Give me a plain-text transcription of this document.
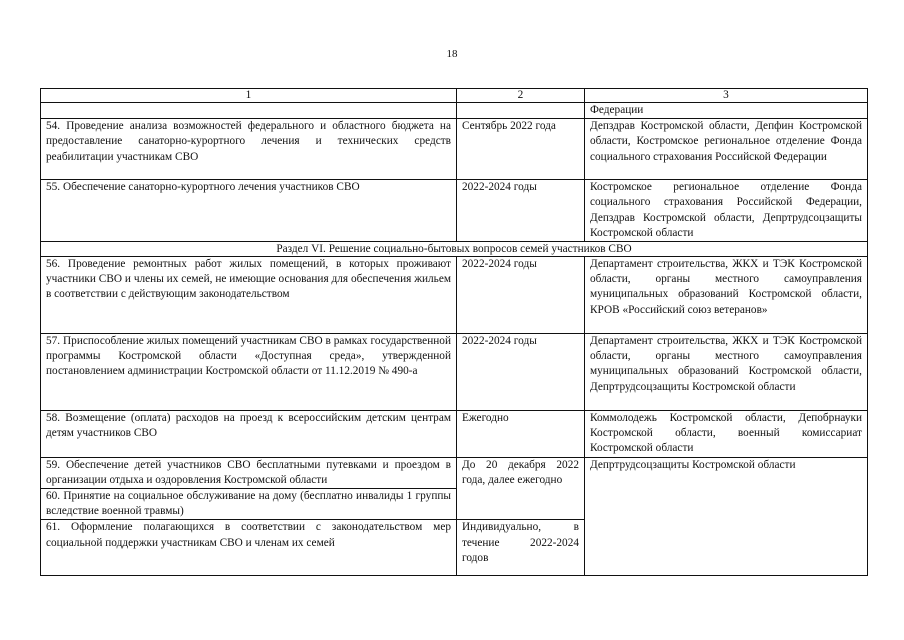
18
1	2	3
		Федерации
54. Проведение анализа возможностей федерального и областного бюджета на предоставление санаторно-курортного лечения и технических средств реабилитации участникам СВО	Сентябрь 2022 года	Депздрав Костромской области, Депфин Костромской области, Костромское региональное отделение Фонда социального страхования Российской Федерации
55. Обеспечение санаторно-курортного лечения участников СВО	2022-2024 годы	Костромское региональное отделение Фонда социального страхования Российской Федерации, Депздрав Костромской области, Депртрудсоцзащиты Костромской области
Раздел VI. Решение социально-бытовых вопросов семей участников СВО		
56. Проведение ремонтных работ жилых помещений, в которых проживают участники СВО и члены их семей, не имеющие основания для обеспечения жильем в соответствии с действующим законодательством	2022-2024 годы	Департамент строительства, ЖКХ и ТЭК Костромской области, органы местного самоуправления муниципальных образований Костромской области, КРОВ «Российский союз ветеранов»
57. Приспособление жилых помещений участникам СВО в рамках государственной программы Костромской области «Доступная среда», утвержденной постановлением администрации Костромской области от 11.12.2019 № 490-а	2022-2024 годы	Департамент строительства, ЖКХ и ТЭК Костромской области, органы местного самоуправления муниципальных образований Костромской области, Депртрудсоцзащиты Костромской области
58. Возмещение (оплата) расходов на проезд к всероссийским детским центрам детям участников СВО	Ежегодно	Коммолодежь Костромской области, Депобрнауки Костромской области, военный комиссариат Костромской области
59. Обеспечение детей участников СВО бесплатными путевками и проездом в организации отдыха и оздоровления Костромской области	До 20 декабря 2022 года, далее ежегодно	Депртрудсоцзащиты Костромской области
60. Принятие на социальное обслуживание на дому (бесплатно инвалиды 1 группы вследствие военной травмы)		
61. Оформление полагающихся в соответствии с законодательством мер социальной поддержки участникам СВО и членам их семей	Индивидуально, в течение 2022-2024 годов	
